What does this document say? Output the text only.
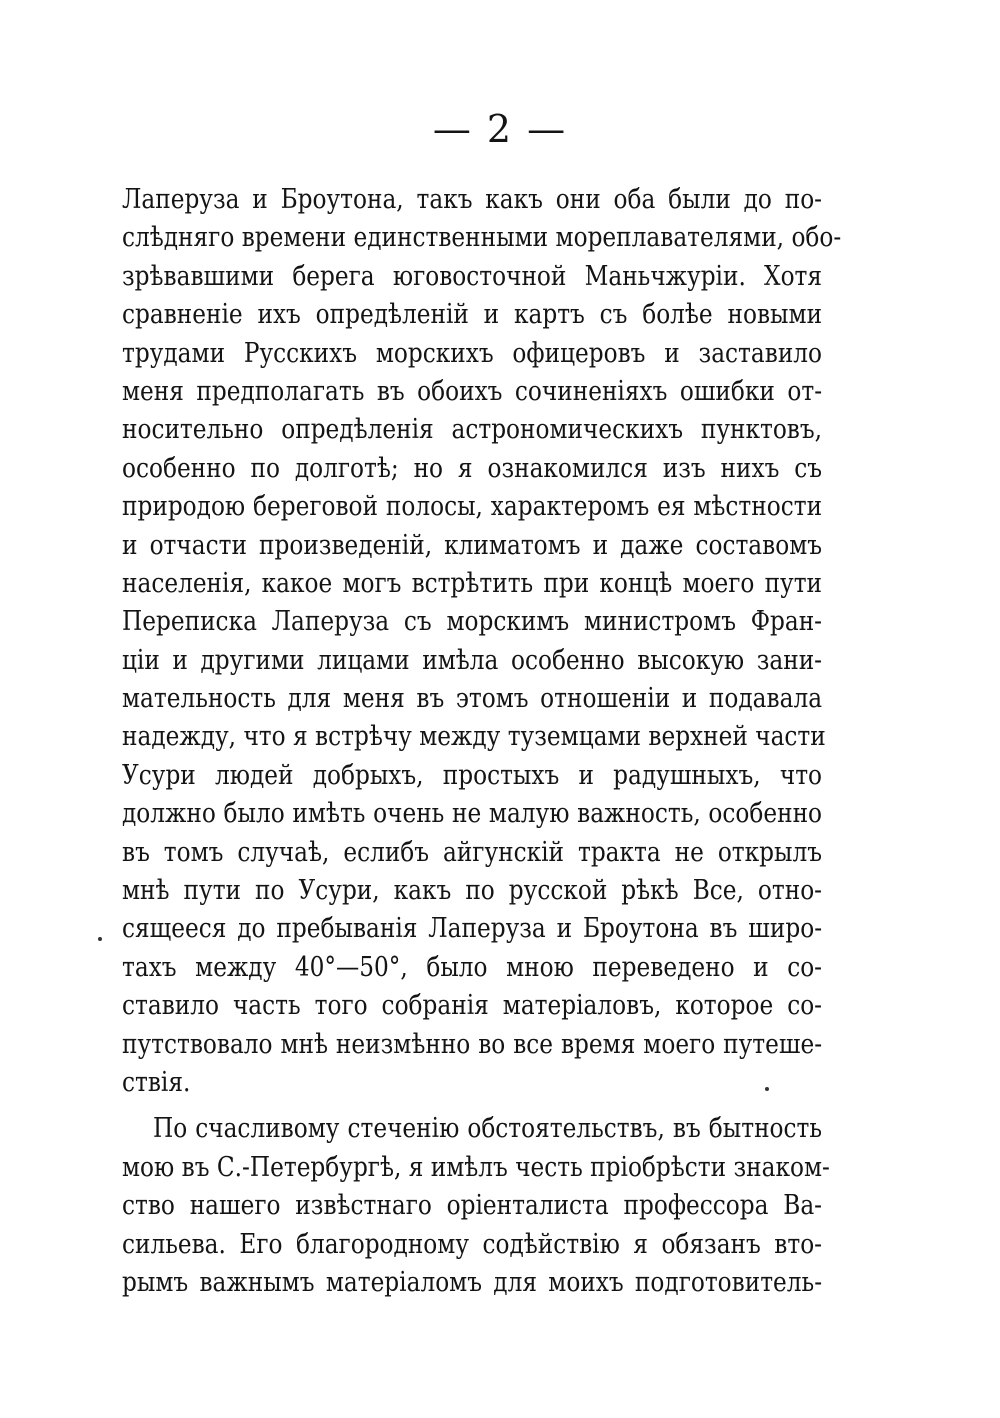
— 2 —
Лаперуза и Броутона, такъ какъ они оба были до по-
слѣдняго времени единственными мореплавателями, обо-
зрѣвавшими берега юговосточной Маньчжуріи. Хотя
сравненіе ихъ опредѣленій и картъ съ болѣе новыми
трудами Русскихъ морскихъ офицеровъ и заставило
меня предполагать въ обоихъ сочиненіяхъ ошибки от-
носительно опредѣленія астрономическихъ пунктовъ,
особенно по долготѣ; но я ознакомился изъ нихъ съ
природою береговой полосы, характеромъ ея мѣстности
и отчасти произведеній, климатомъ и даже составомъ
населенія, какое могъ встрѣтить при концѣ моего пути
Переписка Лаперуза съ морскимъ министромъ Фран-
ціи и другими лицами имѣла особенно высокую зани-
мательность для меня въ этомъ отношеніи и подавала
надежду, что я встрѣчу между туземцами верхней части
Усури людей добрыхъ, простыхъ и радушныхъ, что
должно было имѣть очень не малую важность, особенно
въ томъ случаѣ, еслибъ айгунскій тракта не открылъ
мнѣ пути по Усури, какъ по русской рѣкѣ Все, отно-
сящееся до пребыванія Лаперуза и Броутона въ широ-
тахъ между 40°—50°, было мною переведено и со-
ставило часть того собранія матеріаловъ, которое со-
путствовало мнѣ неизмѣнно во все время моего путеше-
ствія.
По счасливому стеченію обстоятельствъ, въ бытность
мою въ С.-Петербургѣ, я имѣлъ честь пріобрѣсти знаком-
ство нашего извѣстнаго оріенталиста профессора Ва-
сильева. Его благородному содѣйствію я обязанъ вто-
рымъ важнымъ матеріаломъ для моихъ подготовитель-
